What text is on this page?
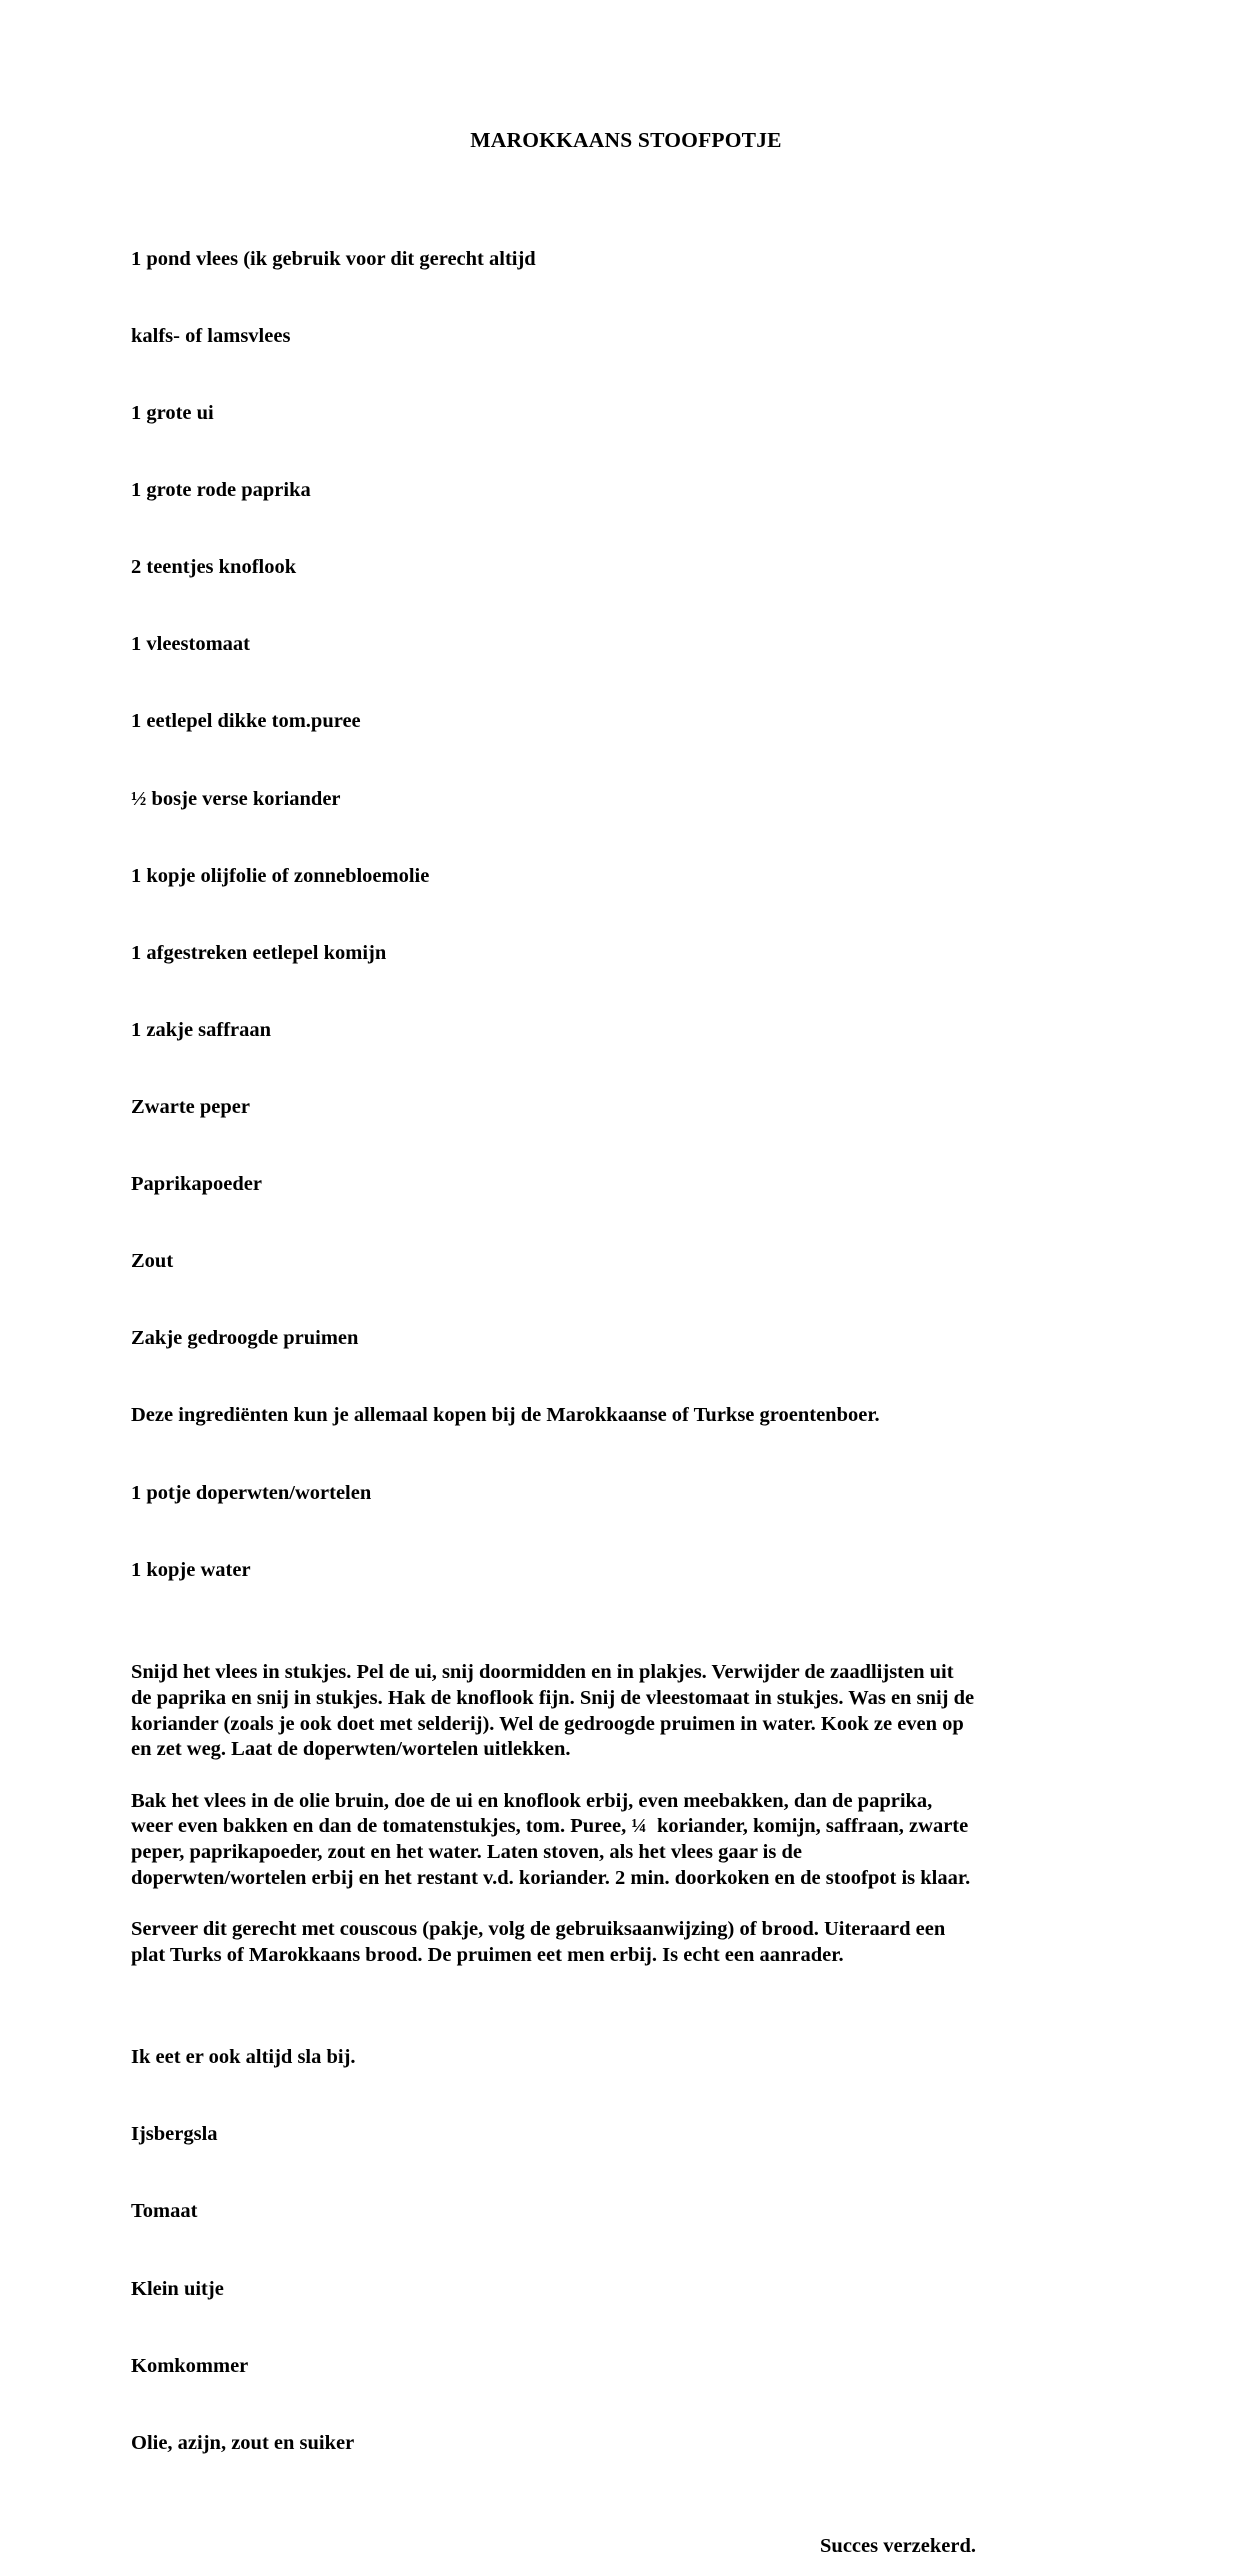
MAROKKAANS STOOFPOTJE

1 pond vlees (ik gebruik voor dit gerecht altijd

kalfs- of lamsvlees

1 grote ui

1 grote rode paprika

2 teentjes knoflook

1 vleestomaat

1 eetlepel dikke tom.puree

½ bosje verse koriander

1 kopje olijfolie of zonnebloemolie

1 afgestreken eetlepel komijn

1 zakje saffraan

Zwarte peper

Paprikapoeder

Zout

Zakje gedroogde pruimen

Deze ingrediënten kun je allemaal kopen bij de Marokkaanse of Turkse groentenboer.

1 potje doperwten/wortelen

1 kopje water

Snijd het vlees in stukjes. Pel de ui, snij doormidden en in plakjes. Verwijder de zaadlijsten uit de paprika en snij in stukjes. Hak de knoflook fijn. Snij de vleestomaat in stukjes. Was en snij de koriander (zoals je ook doet met selderij). Wel de gedroogde pruimen in water. Kook ze even op en zet weg. Laat de doperwten/wortelen uitlekken.

Bak het vlees in de olie bruin, doe de ui en knoflook erbij, even meebakken, dan de paprika, weer even bakken en dan de tomatenstukjes, tom. Puree, ¼  koriander, komijn, saffraan, zwarte peper, paprikapoeder, zout en het water. Laten stoven, als het vlees gaar is de doperwten/wortelen erbij en het restant v.d. koriander. 2 min. doorkoken en de stoofpot is klaar.

Serveer dit gerecht met couscous (pakje, volg de gebruiksaanwijzing) of brood. Uiteraard een plat Turks of Marokkaans brood. De pruimen eet men erbij. Is echt een aanrader.

Ik eet er ook altijd sla bij.

Ijsbergsla

Tomaat

Klein uitje

Komkommer

Olie, azijn, zout en suiker

Succes verzekerd.
